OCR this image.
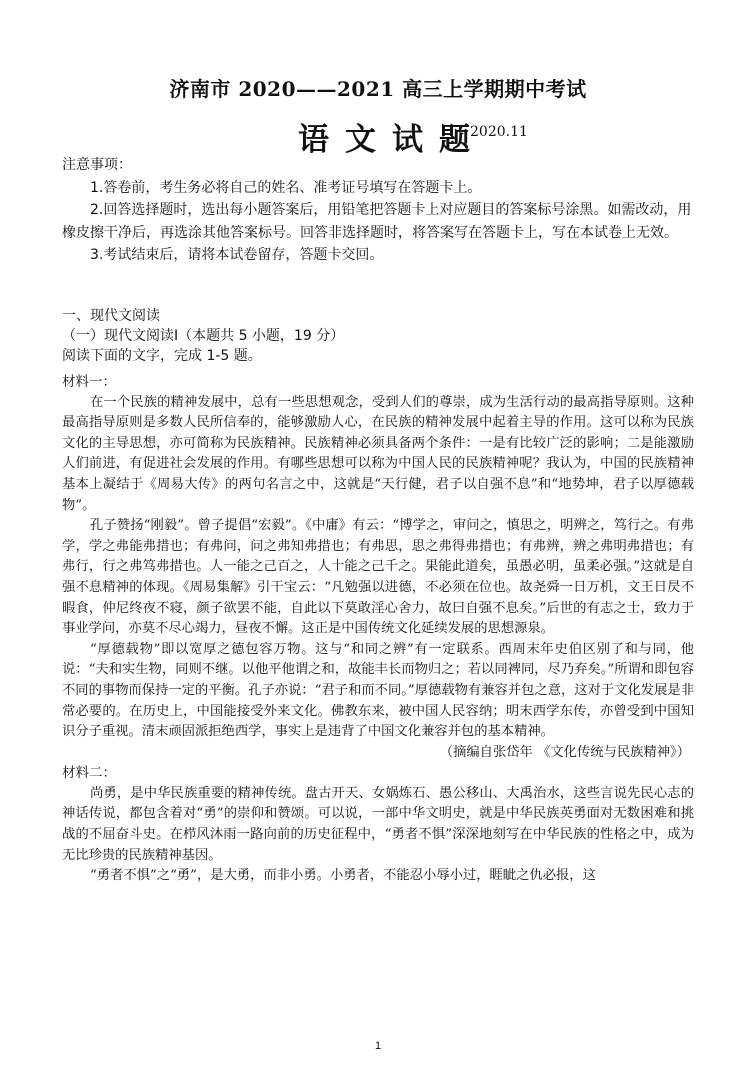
济南市 2020——2021 高三上学期期中考试
语文试题
2020.11

注意事项：

1.答卷前，考生务必将自己的姓名、准考证号填写在答题卡上。

2.回答选择题时，选出每小题答案后，用铅笔把答题卡上对应题目的答案标号涂黑。如需改动，用橡皮擦干净后，再选涂其他答案标号。回答非选择题时，将答案写在答题卡上，写在本试卷上无效。

3.考试结束后，请将本试卷留存，答题卡交回。

一、现代文阅读

（一）现代文阅读Ⅰ（本题共 5 小题，19 分）

阅读下面的文字，完成 1-5 题。

材料一：

在一个民族的精神发展中，总有一些思想观念，受到人们的尊崇，成为生活行动的最高指导原则。这种最高指导原则是多数人民所信奉的，能够激励人心，在民族的精神发展中起着主导的作用。这可以称为民族文化的主导思想，亦可简称为民族精神。民族精神必须具备两个条件：一是有比较广泛的影响；二是能激励人们前进，有促进社会发展的作用。有哪些思想可以称为中国人民的民族精神呢？我认为，中国的民族精神基本上凝结于《周易大传》的两句名言之中，这就是“天行健，君子以自强不息”和“地势坤，君子以厚德载物”。

孔子赞扬“刚毅”。曾子提倡“宏毅”。《中庸》有云：“博学之，审问之，慎思之，明辨之，笃行之。有弗学，学之弗能弗措也；有弗问，问之弗知弗措也；有弗思，思之弗得弗措也；有弗辨，辨之弗明弗措也；有弗行，行之弗笃弗措也。人一能之己百之，人十能之己千之。果能此道矣，虽愚必明，虽柔必强。”这就是自强不息精神的体现。《周易集解》引干宝云：“凡勉强以进德，不必须在位也。故尧舜一日万机，文王日昃不暇食，仲尼终夜不寝，颜子欲罢不能，自此以下莫敢淫心舍力，故曰自强不息矣。”后世的有志之士，致力于事业学问，亦莫不尽心竭力，昼夜不懈。这正是中国传统文化延续发展的思想源泉。

“厚德载物”即以宽厚之德包容万物。这与“和同之辨”有一定联系。西周末年史伯区别了和与同，他说：“夫和实生物，同则不继。以他平他谓之和，故能丰长而物归之；若以同裨同，尽乃弃矣。”所谓和即包容不同的事物而保持一定的平衡。孔子亦说：“君子和而不同。”厚德载物有兼容并包之意，这对于文化发展是非常必要的。在历史上，中国能接受外来文化。佛教东来，被中国人民容纳；明末西学东传，亦曾受到中国知识分子重视。清末顽固派拒绝西学，事实上是违背了中国文化兼容并包的基本精神。

（摘编自张岱年 《文化传统与民族精神》）

材料二：

尚勇，是中华民族重要的精神传统。盘古开天、女娲炼石、愚公移山、大禹治水，这些言说先民心志的神话传说，都包含着对“勇”的崇仰和赞颂。可以说，一部中华文明史，就是中华民族英勇面对无数困难和挑战的不屈奋斗史。在栉风沐雨一路向前的历史征程中，“勇者不惧”深深地刻写在中华民族的性格之中，成为无比珍贵的民族精神基因。

“勇者不惧”之“勇”，是大勇，而非小勇。小勇者，不能忍小辱小过，睚眦之仇必报，这

1
